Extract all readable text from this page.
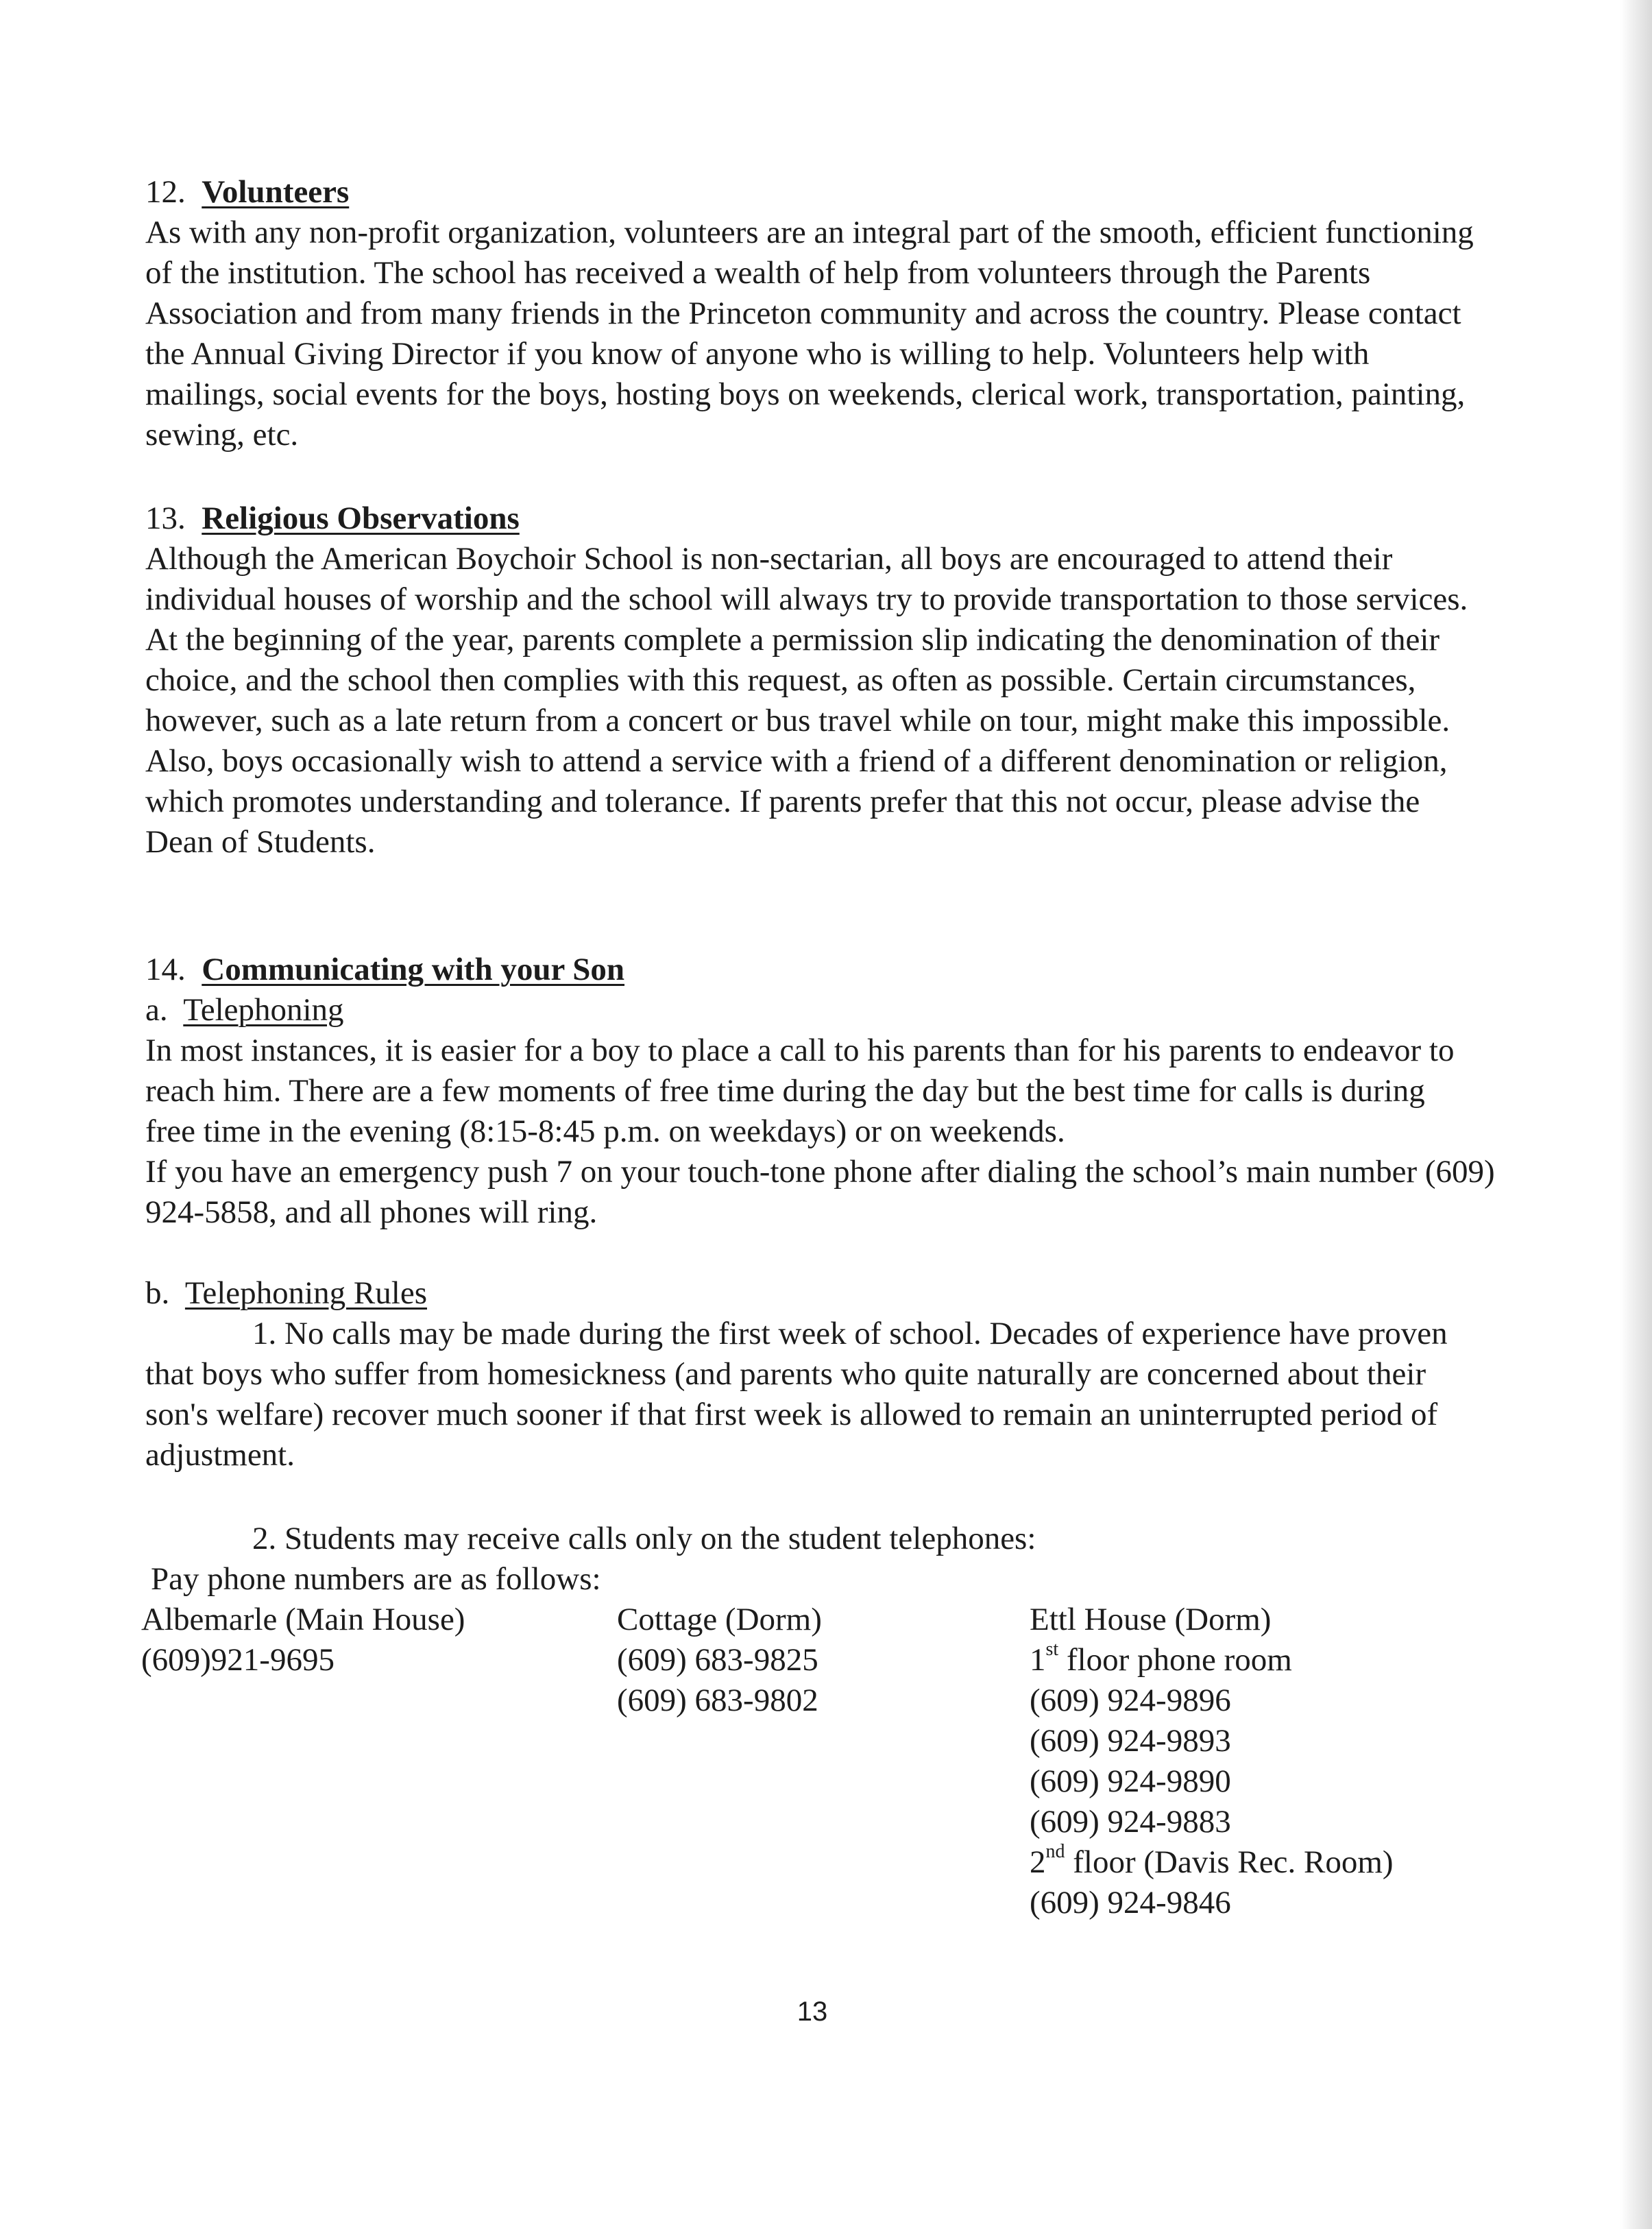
12. Volunteers

As with any non-profit organization, volunteers are an integral part of the smooth, efficient functioning
of the institution. The school has received a wealth of help from volunteers through the Parents
Association and from many friends in the Princeton community and across the country. Please contact
the Annual Giving Director if you know of anyone who is willing to help. Volunteers help with
mailings, social events for the boys, hosting boys on weekends, clerical work, transportation, painting,
sewing, etc.

13. Religious Observations

Although the American Boychoir School is non-sectarian, all boys are encouraged to attend their
individual houses of worship and the school will always try to provide transportation to those services.
At the beginning of the year, parents complete a permission slip indicating the denomination of their
choice, and the school then complies with this request, as often as possible. Certain circumstances,
however, such as a late return from a concert or bus travel while on tour, might make this impossible.
Also, boys occasionally wish to attend a service with a friend of a different denomination or religion,
which promotes understanding and tolerance. If parents prefer that this not occur, please advise the
Dean of Students.

14. Communicating with your Son

a. Telephoning

In most instances, it is easier for a boy to place a call to his parents than for his parents to endeavor to
reach him. There are a few moments of free time during the day but the best time for calls is during
free time in the evening (8:15-8:45 p.m. on weekdays) or on weekends.
If you have an emergency push 7 on your touch-tone phone after dialing the school’s main number (609)
924-5858, and all phones will ring.

b. Telephoning Rules

1. No calls may be made during the first week of school. Decades of experience have proven
that boys who suffer from homesickness (and parents who quite naturally are concerned about their
son's welfare) recover much sooner if that first week is allowed to remain an uninterrupted period of
adjustment.

2. Students may receive calls only on the student telephones:

Pay phone numbers are as follows:

Albemarle (Main House)
(609)921-9695
Cottage (Dorm)
(609) 683-9825
(609) 683-9802
Ettl House (Dorm)
1st floor phone room
(609) 924-9896
(609) 924-9893
(609) 924-9890
(609) 924-9883
2nd floor (Davis Rec. Room)
(609) 924-9846
13
